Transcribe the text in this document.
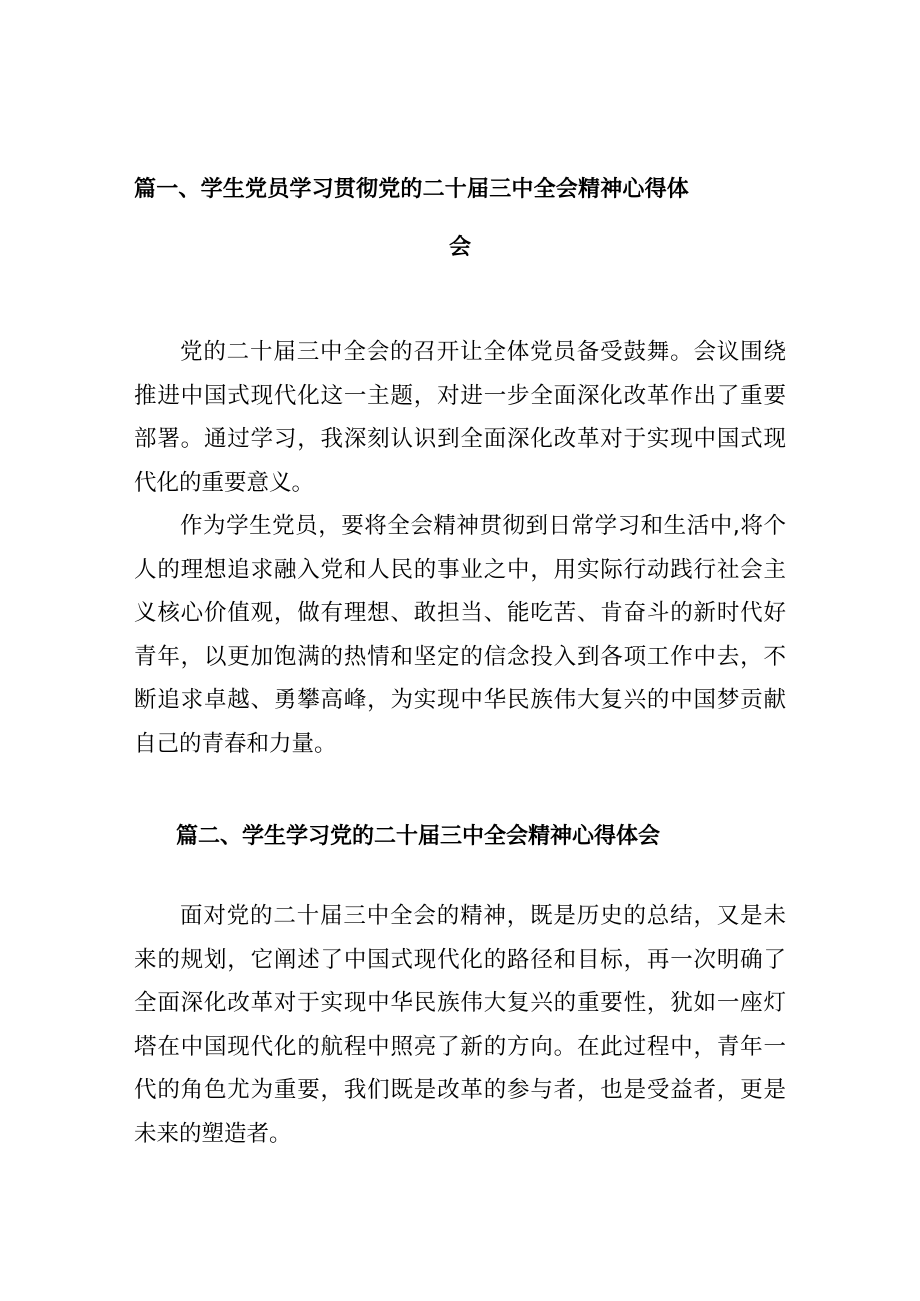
篇一、学生党员学习贯彻党的二十届三中全会精神心得体
会

党的二十届三中全会的召开让全体党员备受鼓舞。会议围绕推进中国式现代化这一主题，对进一步全面深化改革作出了重要部署。通过学习，我深刻认识到全面深化改革对于实现中国式现代化的重要意义。

作为学生党员，要将全会精神贯彻到日常学习和生活中,将个人的理想追求融入党和人民的事业之中，用实际行动践行社会主义核心价值观，做有理想、敢担当、能吃苦、肯奋斗的新时代好青年，以更加饱满的热情和坚定的信念投入到各项工作中去，不断追求卓越、勇攀高峰，为实现中华民族伟大复兴的中国梦贡献自己的青春和力量。

篇二、学生学习党的二十届三中全会精神心得体会

面对党的二十届三中全会的精神，既是历史的总结，又是未来的规划，它阐述了中国式现代化的路径和目标，再一次明确了全面深化改革对于实现中华民族伟大复兴的重要性，犹如一座灯塔在中国现代化的航程中照亮了新的方向。在此过程中，青年一代的角色尤为重要，我们既是改革的参与者，也是受益者，更是未来的塑造者。
